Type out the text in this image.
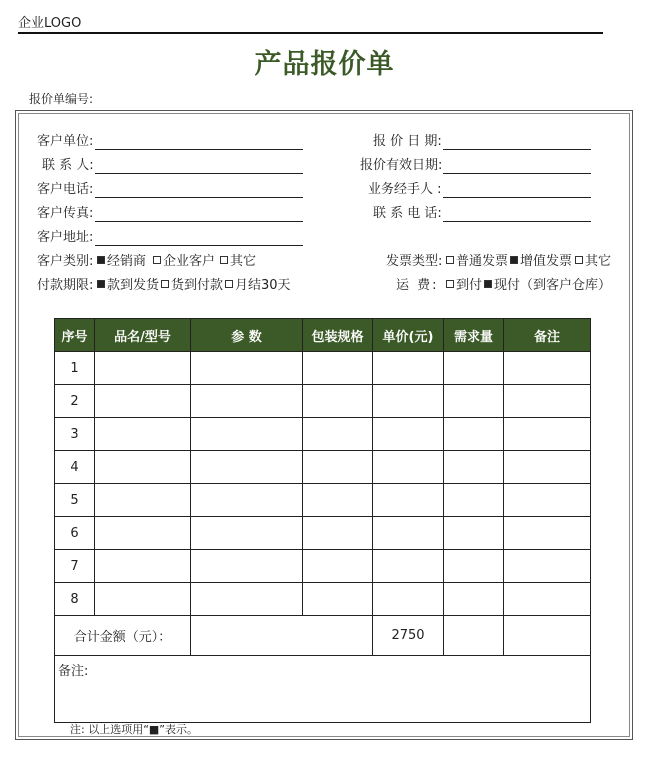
企业LOGO
产品报价单
报价单编号:
客户单位:
联 系 人:
客户电话:
客户传真:
客户地址:
报 价 日 期:
报价有效日期:
业务经手人 :
联 系 电 话:
客户类别:	经销商	企业客户	其它
付款期限:	款到发货 货到付款 月结30天
发票类型:	普通发票 增值发票 其它
运 费:	到付 现付（到客户仓库）
序号	品名/型号	参 数	包装规格	单价(元)	需求量	备注
1						
2						
3						
4						
5						
6						
7						
8						
合计金额（元）：				2750		
备注:						
注: 以上选项用“■”表示。
